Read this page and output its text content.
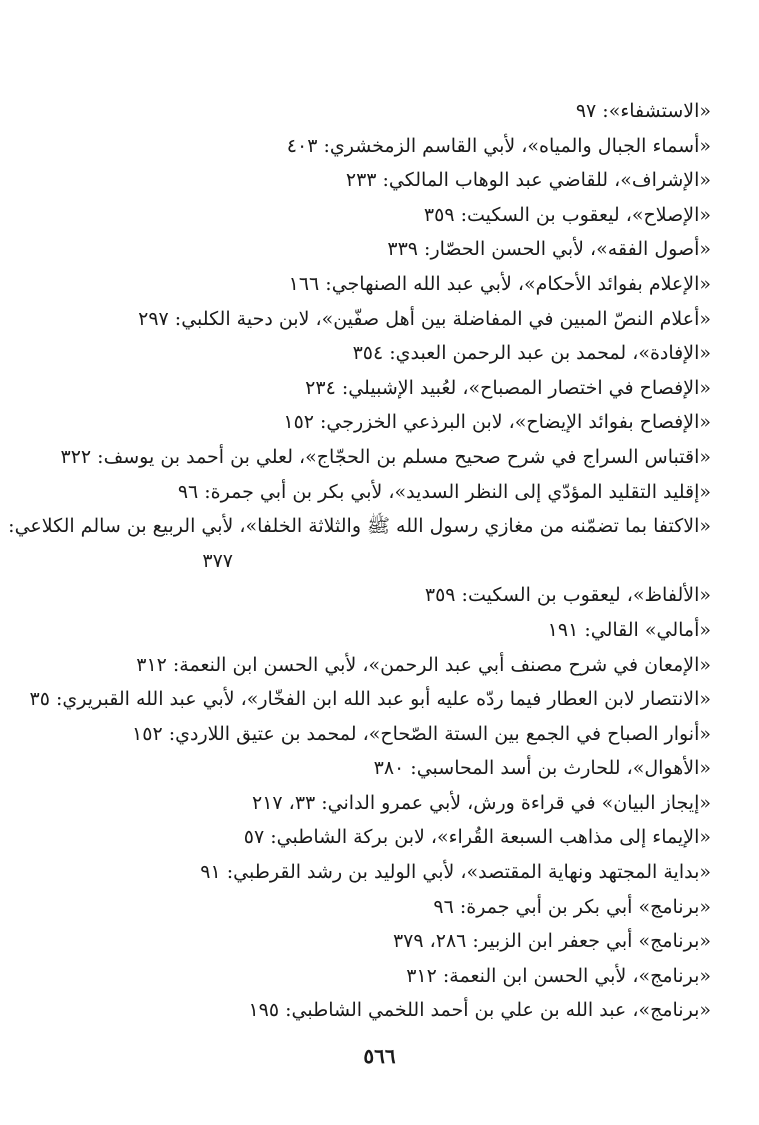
«الاستشفاء»: ٩٧
«أسماء الجبال والمياه»، لأبي القاسم الزمخشري: ٤٠٣
«الإشراف»، للقاضي عبد الوهاب المالكي: ٢٣٣
«الإصلاح»، ليعقوب بن السكيت: ٣٥٩
«أصول الفقه»، لأبي الحسن الحصّار: ٣٣٩
«الإعلام بفوائد الأحكام»، لأبي عبد الله الصنهاجي: ١٦٦
«أعلام النصّ المبين في المفاضلة بين أهل صفّين»، لابن دحية الكلبي: ٢٩٧
«الإفادة»، لمحمد بن عبد الرحمن العبدي: ٣٥٤
«الإفصاح في اختصار المصباح»، لعُبيد الإشبيلي: ٢٣٤
«الإفصاح بفوائد الإيضاح»، لابن البرذعي الخزرجي: ١٥٢
«اقتباس السراج في شرح صحيح مسلم بن الحجّاج»، لعلي بن أحمد بن يوسف: ٣٢٢
«إقليد التقليد المؤدّي إلى النظر السديد»، لأبي بكر بن أبي جمرة: ٩٦
«الاكتفا بما تضمّنه من مغازي رسول الله ﷺ والثلاثة الخلفا»، لأبي الربيع بن سالم الكلاعي:
٣٧٧
«الألفاظ»، ليعقوب بن السكيت: ٣٥٩
«أمالي» القالي: ١٩١
«الإمعان في شرح مصنف أبي عبد الرحمن»، لأبي الحسن ابن النعمة: ٣١٢
«الانتصار لابن العطار فيما ردّه عليه أبو عبد الله ابن الفخّار»، لأبي عبد الله القبريري: ٣٥
«أنوار الصباح في الجمع بين الستة الصّحاح»، لمحمد بن عتيق اللاردي: ١٥٢
«الأهوال»، للحارث بن أسد المحاسبي: ٣٨٠
«إيجاز البيان» في قراءة ورش، لأبي عمرو الداني: ٣٣، ٢١٧
«الإيماء إلى مذاهب السبعة القُراء»، لابن بركة الشاطبي: ٥٧
«بداية المجتهد ونهاية المقتصد»، لأبي الوليد بن رشد القرطبي: ٩١
«برنامج» أبي بكر بن أبي جمرة: ٩٦
«برنامج» أبي جعفر ابن الزبير: ٢٨٦، ٣٧٩
«برنامج»، لأبي الحسن ابن النعمة: ٣١٢
«برنامج»، عبد الله بن علي بن أحمد اللخمي الشاطبي: ١٩٥
٥٦٦
